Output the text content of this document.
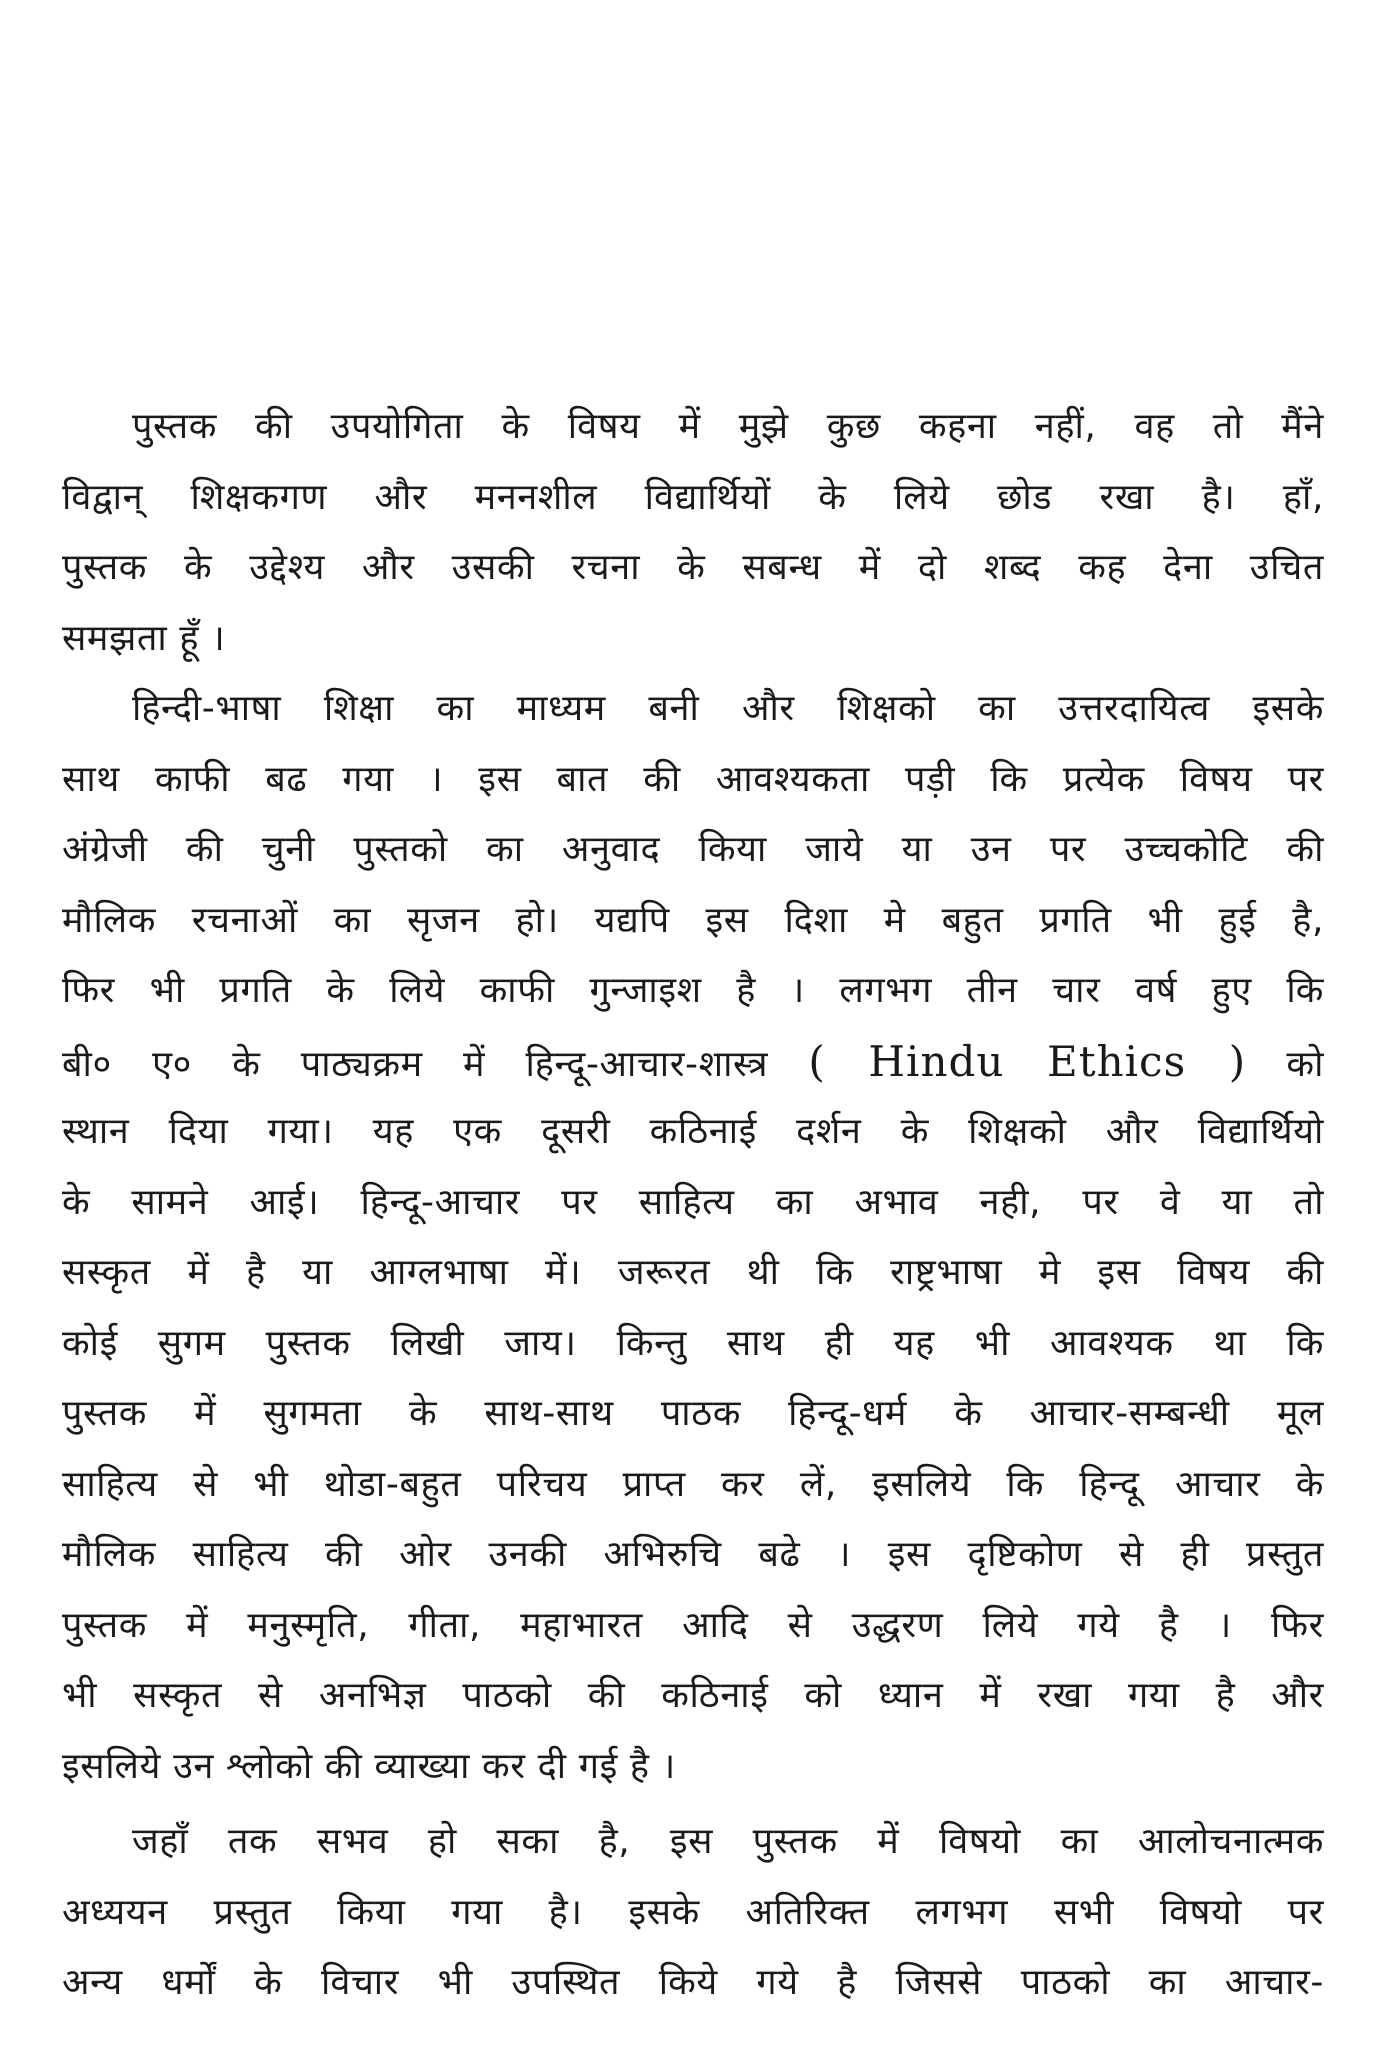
पुस्तक की उपयोगिता के विषय में मुझे कुछ कहना नहीं, वह तो मैंने
विद्वान् शिक्षकगण और मननशील विद्यार्थियों के लिये छोड रखा है। हाँ,
पुस्तक के उद्देश्य और उसकी रचना के सबन्ध में दो शब्द कह देना उचित
समझता हूँ ।
हिन्दी-भाषा शिक्षा का माध्यम बनी और शिक्षको का उत्तरदायित्व इसके
साथ काफी बढ गया । इस बात की आवश्यकता पड़ी कि प्रत्येक विषय पर
अंग्रेजी की चुनी पुस्तको का अनुवाद किया जाये या उन पर उच्चकोटि की
मौलिक रचनाओं का सृजन हो। यद्यपि इस दिशा मे बहुत प्रगति भी हुई है,
फिर भी प्रगति के लिये काफी गुन्जाइश है । लगभग तीन चार वर्ष हुए कि
बी० ए० के पाठ्यक्रम में हिन्दू-आचार-शास्त्र ( Hindu Ethics ) को
स्थान दिया गया। यह एक दूसरी कठिनाई दर्शन के शिक्षको और विद्यार्थियो
के सामने आई। हिन्दू-आचार पर साहित्य का अभाव नही, पर वे या तो
सस्कृत में है या आग्लभाषा में। जरूरत थी कि राष्ट्रभाषा मे इस विषय की
कोई सुगम पुस्तक लिखी जाय। किन्तु साथ ही यह भी आवश्यक था कि
पुस्तक में सुगमता के साथ-साथ पाठक हिन्दू-धर्म के आचार-सम्बन्धी मूल
साहित्य से भी थोडा-बहुत परिचय प्राप्त कर लें, इसलिये कि हिन्दू आचार के
मौलिक साहित्य की ओर उनकी अभिरुचि बढे । इस दृष्टिकोण से ही प्रस्तुत
पुस्तक में मनुस्मृति, गीता, महाभारत आदि से उद्धरण लिये गये है । फिर
भी सस्कृत से अनभिज्ञ पाठको की कठिनाई को ध्यान में रखा गया है और
इसलिये उन श्लोको की व्याख्या कर दी गई है ।
जहाँ तक सभव हो सका है, इस पुस्तक में विषयो का आलोचनात्मक
अध्ययन प्रस्तुत किया गया है। इसके अतिरिक्त लगभग सभी विषयो पर
अन्य धर्मों के विचार भी उपस्थित किये गये है जिससे पाठको का आचार-
